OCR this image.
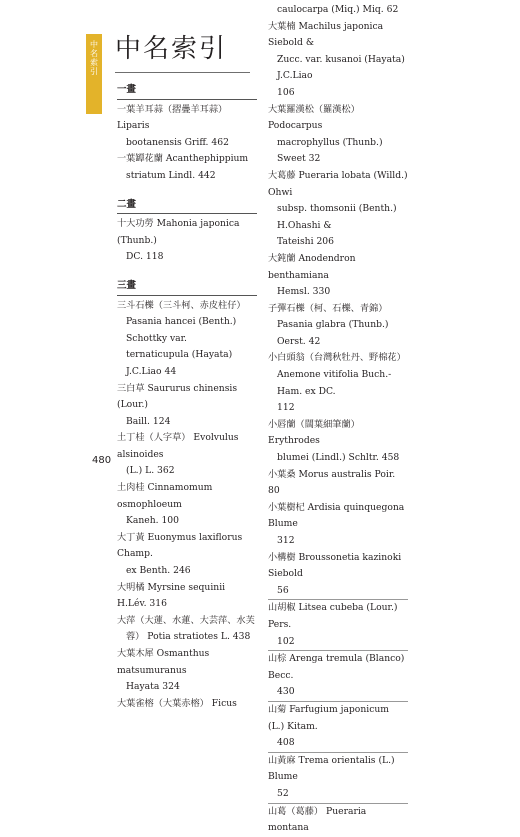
中名索引 中名索引
一畫
一葉羊耳蒜（摺疊羊耳蒜） Liparis
bootanensis Griff. 462
一葉罈花蘭 Acanthephippium
striatum Lindl. 442
二畫
十大功勞 Mahonia japonica (Thunb.)
DC. 118
三畫
三斗石櫟（三斗柯、赤皮柱仔）
Pasania hancei (Benth.) Schottky var.
ternaticupula (Hayata) J.C.Liao 44
三白草 Saururus chinensis (Lour.)
Baill. 124
土丁桂（人字草） Evolvulus alsinoides
(L.) L. 362
土肉桂 Cinnamomum osmophloeum
Kaneh. 100
大丁黃 Euonymus laxiflorus Champ.
ex Benth. 246
大明橘 Myrsine sequinii H.Lév. 316
大萍（大蓮、水蓮、大芸萍、水芙
蓉） Potia stratiotes L. 438
大葉木犀 Osmanthus matsumuranus
Hayata 324
大葉雀榕（大葉赤榕） Ficus
caulocarpa (Miq.) Miq. 62
大葉楠 Machilus japonica Siebold &
Zucc. var. kusanoi (Hayata) J.C.Liao
106
大葉羅漢松（羅漢松） Podocarpus
macrophyllus (Thunb.) Sweet 32
大葛藤 Pueraria lobata (Willd.) Ohwi
subsp. thomsonii (Benth.) H.Ohashi &
Tateishi 206
大鈍蘭 Anodendron benthamiana
Hemsl. 330
子彈石櫟（柯、石櫟、青錦）
Pasania glabra (Thunb.) Oerst. 42
小白頭翁（台灣秋牡丹、野棉花）
Anemone vitifolia Buch.-Ham. ex DC.
112
小唇蘭（闊葉細筆蘭） Erythrodes
blumei (Lindl.) Schltr. 458
小葉桑 Morus australis Poir. 80
小葉樹杞 Ardisia quinquegona Blume
312
小構樹 Broussonetia kazinoki Siebold
56
山胡椒 Litsea cubeba (Lour.) Pers.
102
山棕 Arenga tremula (Blanco) Becc.
430
山菊 Farfugium japonicum (L.) Kitam.
408
山黃麻 Trema orientalis (L.) Blume
52
山葛（葛藤） Pueraria montana
480
